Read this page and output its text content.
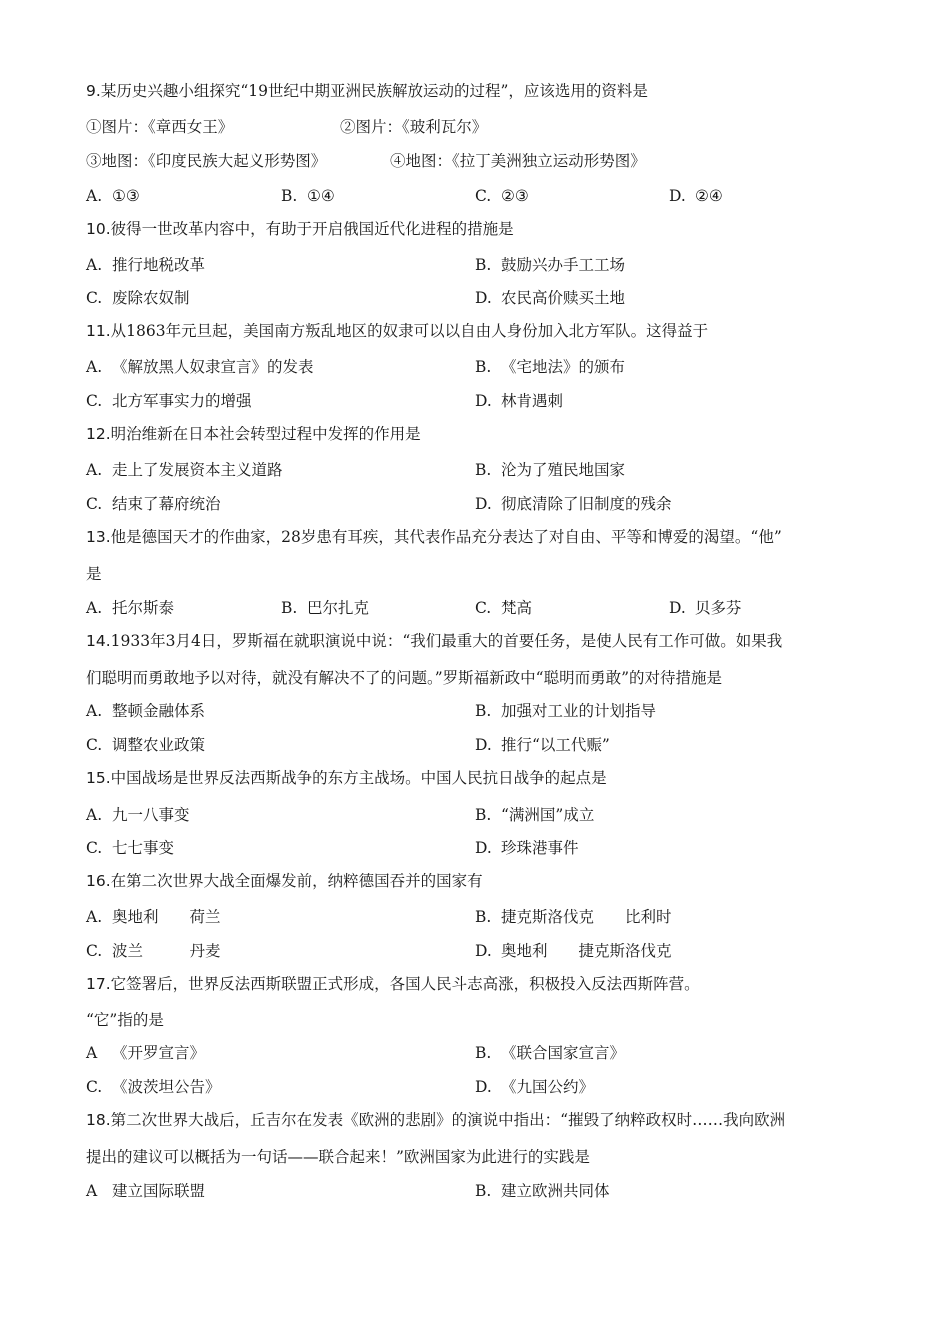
9 . 某历史兴趣小组探究“19世纪中期亚洲民族解放运动的过程”，应该选用的资料是
①图片：《章西女王》	②图片：《玻利瓦尔》
③地图：《印度民族大起义形势图》	④地图：《拉丁美洲独立运动形势图》
A. ①③	B. ①④	C. ②③	D. ②④
10 . 彼得一世改革内容中，有助于开启俄国近代化进程的措施是
A. 推行地税改革	B. 鼓励兴办手工工场
C. 废除农奴制	D. 农民高价赎买土地
11 . 从1863年元旦起，美国南方叛乱地区的奴隶可以以自由人身份加入北方军队。这得益于
A. 《解放黑人奴隶宣言》的发表	B. 《宅地法》的颁布
C. 北方军事实力的增强	D. 林肯遇刺
12 . 明治维新在日本社会转型过程中发挥的作用是
A. 走上了发展资本主义道路	B. 沦为了殖民地国家
C. 结束了幕府统治	D. 彻底清除了旧制度的残余
13 . 他是德国天才的作曲家，28岁患有耳疾，其代表作品充分表达了对自由、平等和博爱的渴望。“他”
是
A. 托尔斯泰	B. 巴尔扎克	C. 梵高	D. 贝多芬
14 . 1933年3月4日，罗斯福在就职演说中说：“我们最重大的首要任务，是使人民有工作可做。如果我
们聪明而勇敢地予以对待，就没有解决不了的问题。”罗斯福新政中“聪明而勇敢”的对待措施是
A. 整顿金融体系	B. 加强对工业的计划指导
C. 调整农业政策	D. 推行“以工代赈”
15 . 中国战场是世界反法西斯战争的东方主战场。中国人民抗日战争的起点是
A. 九一八事变	B. “满洲国”成立
C. 七七事变	D. 珍珠港事件
16 . 在第二次世界大战全面爆发前，纳粹德国吞并的国家有
A. 奥地利　　荷兰	B. 捷克斯洛伐克　　比利时
C. 波兰　　　丹麦	D. 奥地利　　捷克斯洛伐克
17 . 它签署后，世界反法西斯联盟正式形成，各国人民斗志高涨，积极投入反法西斯阵营。
“它”指的是
A 《开罗宣言》	B. 《联合国家宣言》
C. 《波茨坦公告》	D. 《九国公约》
18 . 第二次世界大战后，丘吉尔在发表《欧洲的悲剧》的演说中指出：“摧毁了纳粹政权时……我向欧洲
提出的建议可以概括为一句话——联合起来！”欧洲国家为此进行的实践是
A 建立国际联盟	B. 建立欧洲共同体
